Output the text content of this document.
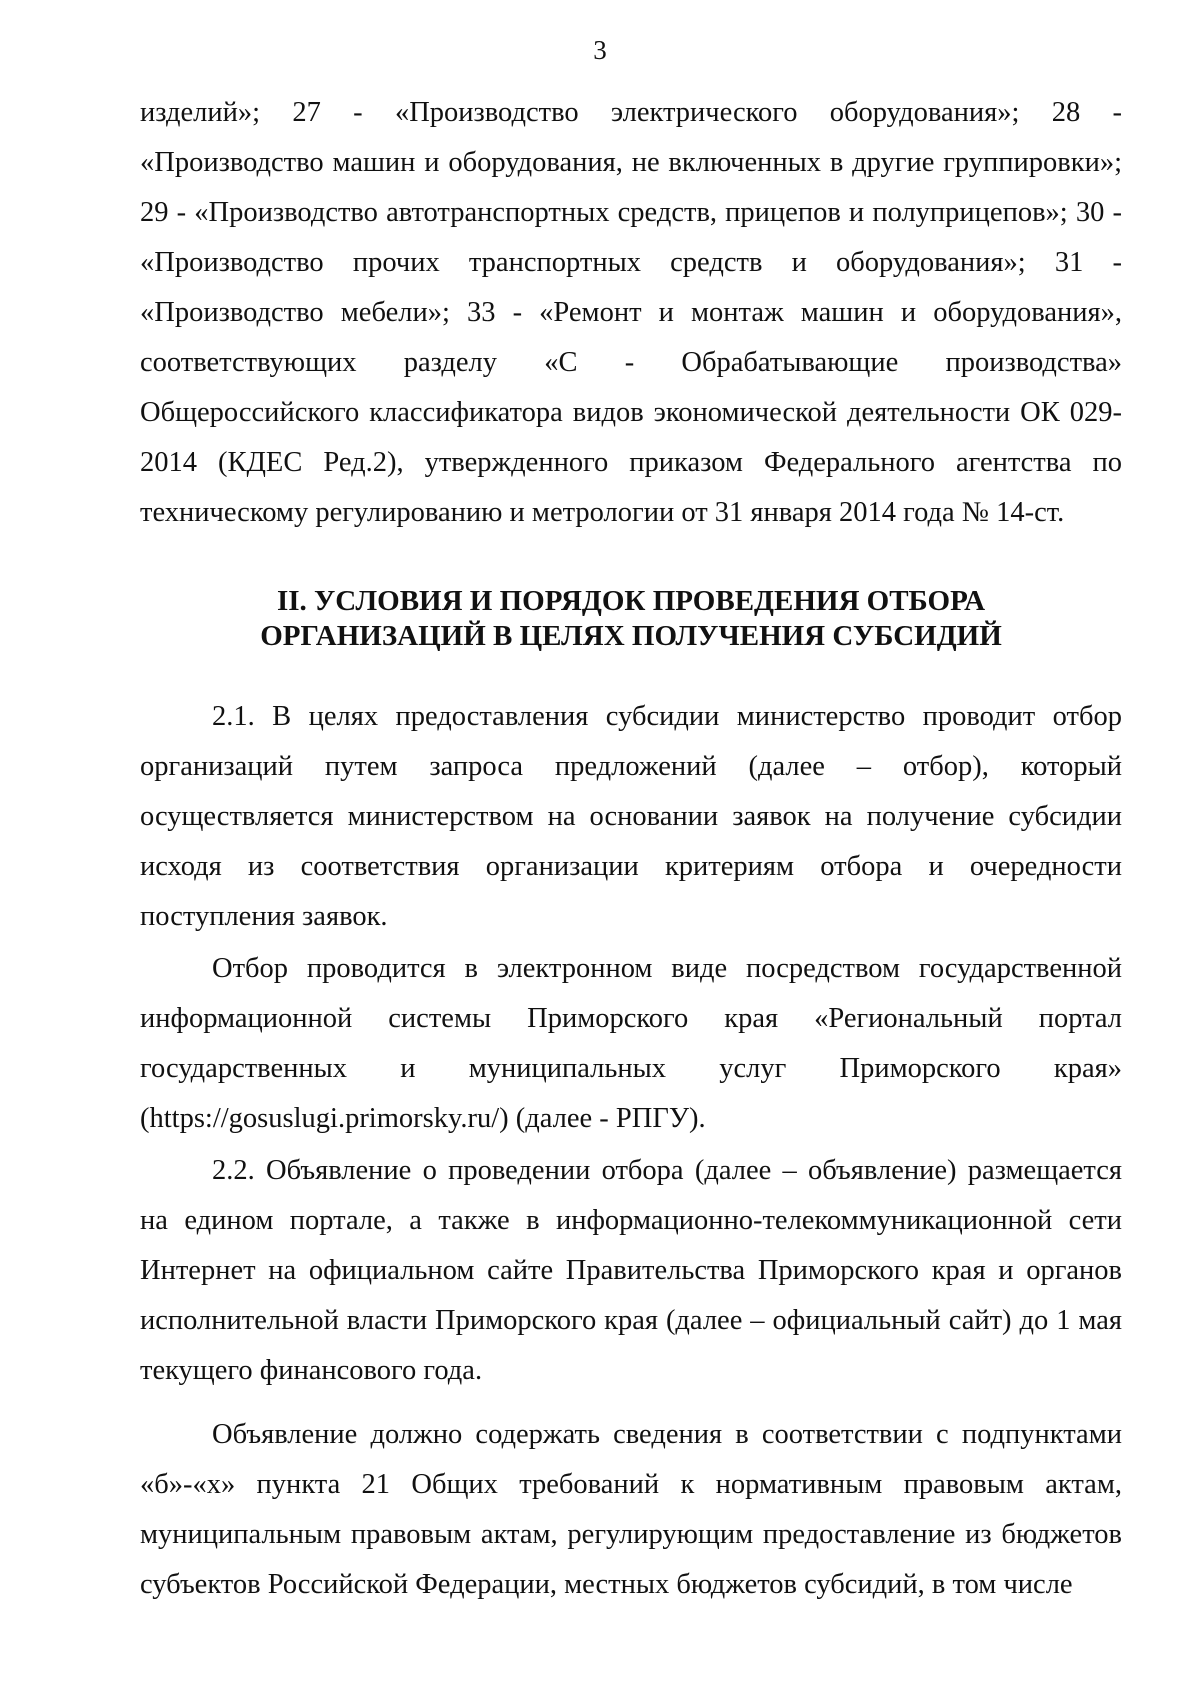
3

изделий»; 27 - «Производство электрического оборудования»; 28 - «Производство машин и оборудования, не включенных в другие группировки»; 29 - «Производство автотранспортных средств, прицепов и полуприцепов»; 30 - «Производство прочих транспортных средств и оборудования»; 31 - «Производство мебели»; 33 - «Ремонт и монтаж машин и оборудования», соответствующих разделу «С - Обрабатывающие производства» Общероссийского классификатора видов экономической деятельности ОК 029-2014 (КДЕС Ред.2), утвержденного приказом Федерального агентства по техническому регулированию и метрологии от 31 января 2014 года № 14-ст.

II. УСЛОВИЯ И ПОРЯДОК ПРОВЕДЕНИЯ ОТБОРА
ОРГАНИЗАЦИЙ В ЦЕЛЯХ ПОЛУЧЕНИЯ СУБСИДИЙ

2.1. В целях предоставления субсидии министерство проводит отбор организаций путем запроса предложений (далее – отбор), который осуществляется министерством на основании заявок на получение субсидии исходя из соответствия организации критериям отбора и очередности поступления заявок.

Отбор проводится в электронном виде посредством государственной информационной системы Приморского края «Региональный портал государственных и муниципальных услуг Приморского края» (https://gosuslugi.primorsky.ru/) (далее - РПГУ).

2.2. Объявление о проведении отбора (далее – объявление) размещается на едином портале, а также в информационно-телекоммуникационной сети Интернет на официальном сайте Правительства Приморского края и органов исполнительной власти Приморского края (далее – официальный сайт) до 1 мая текущего финансового года.

Объявление должно содержать сведения в соответствии с подпунктами «б»-«х» пункта 21 Общих требований к нормативным правовым актам, муниципальным правовым актам, регулирующим предоставление из бюджетов субъектов Российской Федерации, местных бюджетов субсидий, в том числе
